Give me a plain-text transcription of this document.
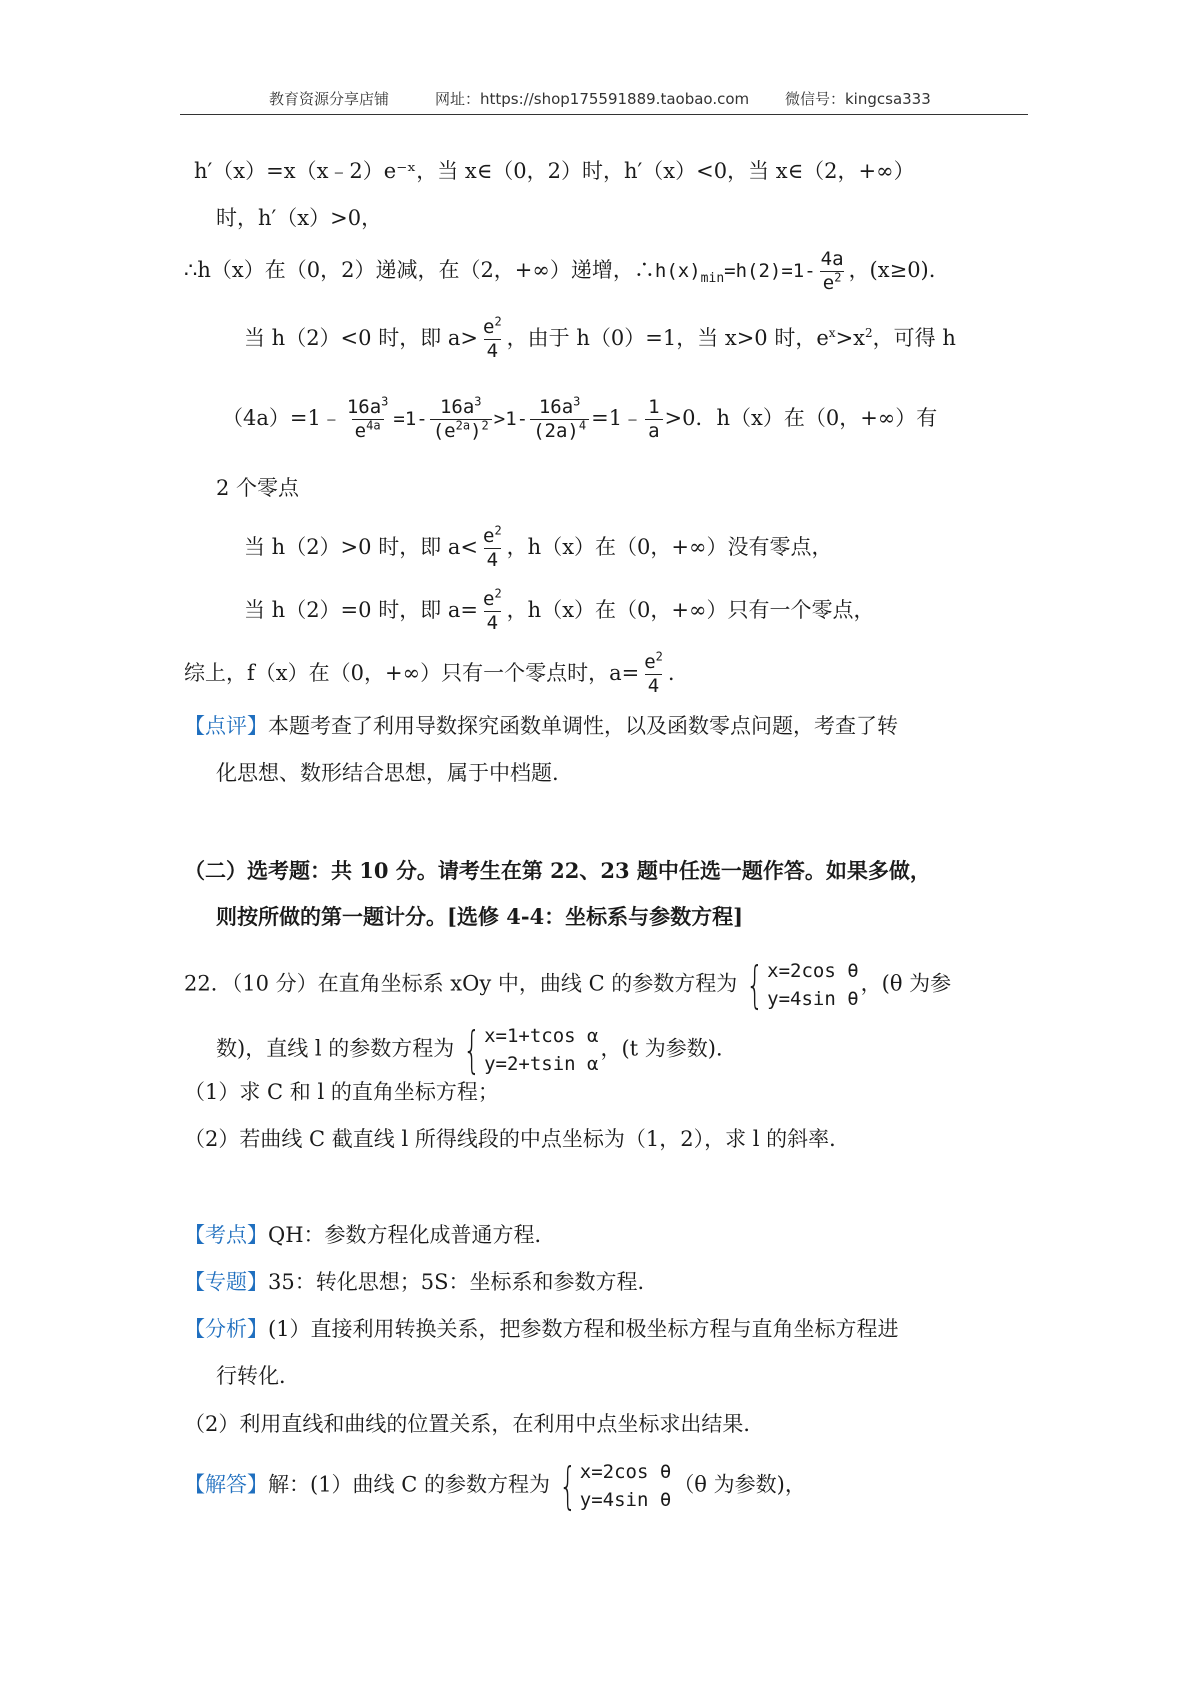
教育资源分享店铺	网址：https://shop175591889.taobao.com 微信号：kingcsa333
h′（x）=x（x﹣2）e⁻ˣ，当 x∈（0，2）时，h′（x）<0，当 x∈（2，+∞）
时，h′（x）>0，
∴h（x）在（0，2）递减，在（2，+∞）递增，$\therefore h(x)_{min}=h(2)=1- \frac{4a}{e^2}$ ，(x≥0).
当 h（2）<0 时，即 $a> \frac{e^2}{4}$ ，由于 h（0）=1，当 x>0 时，$e^x>x^2$，可得 h
（4a）=1﹣ $\frac{16a^3}{e^{4a}} =1- \frac{16a^3}{(e^{2a})^2} >1- \frac{16a^3}{(2a)^4}$ =1﹣ $\frac{1}{a} >0$．h（x）在（0，+∞）有
2 个零点
当 h（2）>0 时，即 $a< \frac{e^2}{4}$ ，h（x）在（0，+∞）没有零点，
当 h（2）=0 时，即 $a= \frac{e^2}{4}$ ，h（x）在（0，+∞）只有一个零点，
综上，f（x）在（0，+∞）只有一个零点时，$a= \frac{e^2}{4}$ .
【点评】本题考查了利用导数探究函数单调性，以及函数零点问题，考查了转
化思想、数形结合思想，属于中档题.
（二）选考题：共 10 分。请考生在第 22、23 题中任选一题作答。如果多做，
则按所做的第一题计分。[选修 4-4：坐标系与参数方程]
22．（10 分）在直角坐标系 xOy 中，曲线 C 的参数方程为 { x=2cos θ
y=4sin θ
，(θ 为参
数)，直线 l 的参数方程为 { x=1+tcos α
y=2+tsin α
，(t 为参数)．
（1）求 C 和 l 的直角坐标方程；
（2）若曲线 C 截直线 l 所得线段的中点坐标为（1，2），求 l 的斜率．
【考点】QH：参数方程化成普通方程．
【专题】35：转化思想；5S：坐标系和参数方程．
【分析】(1）直接利用转换关系，把参数方程和极坐标方程与直角坐标方程进
行转化．
（2）利用直线和曲线的位置关系，在利用中点坐标求出结果．
【解答】解：(1）曲线 C 的参数方程为 { x=2cos θ
y=4sin θ
（θ 为参数)，
